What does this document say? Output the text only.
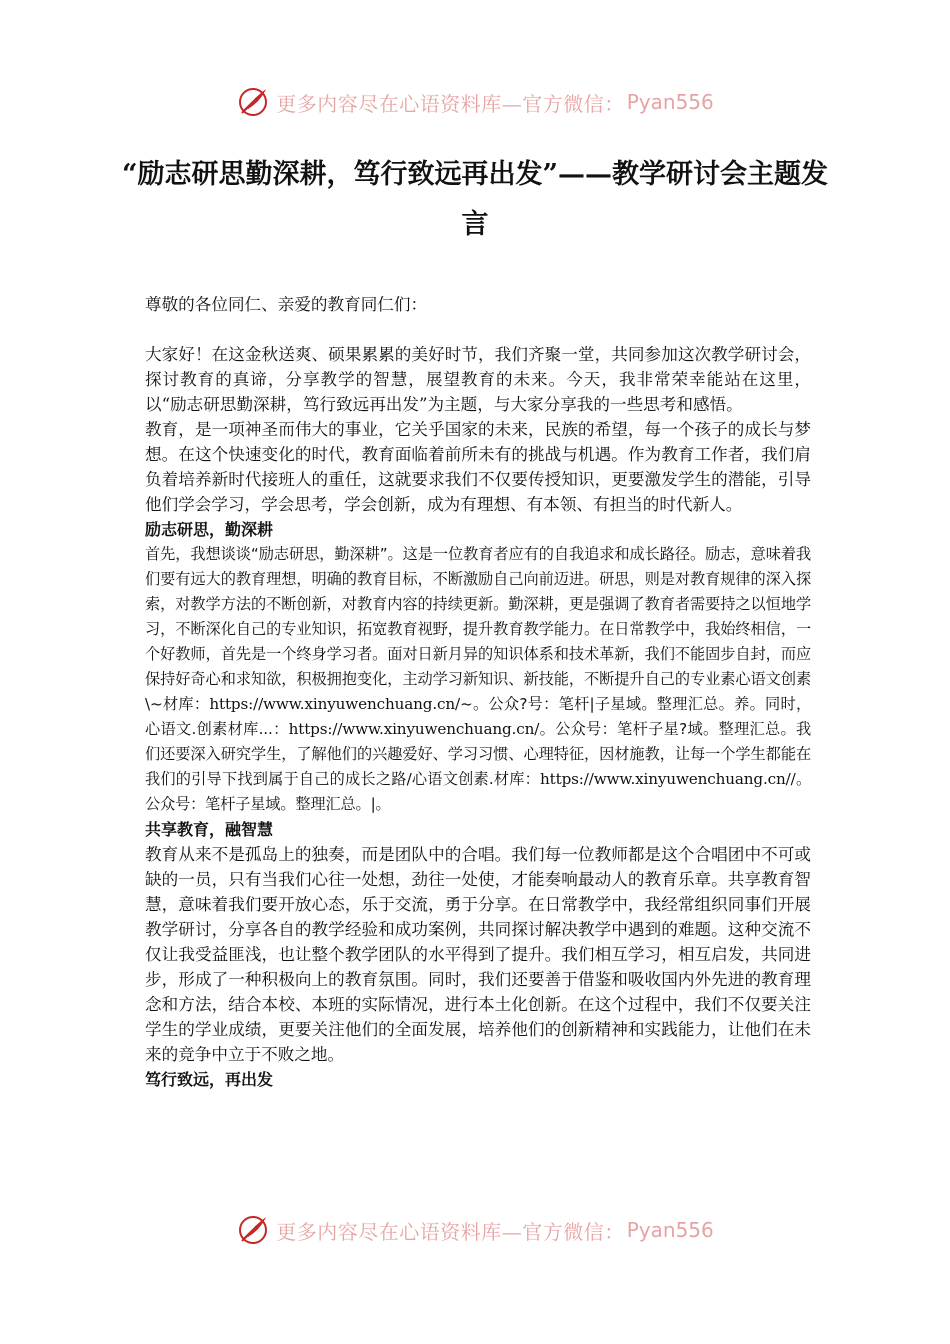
更多内容尽在心语资料库—官方微信： Pyan556
“励志研思勤深耕，笃行致远再出发”——教学研讨会主题发言

尊敬的各位同仁、亲爱的教育同仁们：

大家好！在这金秋送爽、硕果累累的美好时节，我们齐聚一堂，共同参加这次教学研讨会，探讨教育的真谛，分享教学的智慧，展望教育的未来。今天，我非常荣幸能站在这里，以“励志研思勤深耕，笃行致远再出发”为主题，与大家分享我的一些思考和感悟。

教育，是一项神圣而伟大的事业，它关乎国家的未来，民族的希望，每一个孩子的成长与梦想。在这个快速变化的时代，教育面临着前所未有的挑战与机遇。作为教育工作者，我们肩负着培养新时代接班人的重任，这就要求我们不仅要传授知识，更要激发学生的潜能，引导他们学会学习，学会思考，学会创新，成为有理想、有本领、有担当的时代新人。

励志研思，勤深耕

首先，我想谈谈“励志研思，勤深耕”。这是一位教育者应有的自我追求和成长路径。励志，意味着我们要有远大的教育理想，明确的教育目标，不断激励自己向前迈进。研思，则是对教育规律的深入探索，对教学方法的不断创新，对教育内容的持续更新。勤深耕，更是强调了教育者需要持之以恒地学习，不断深化自己的专业知识，拓宽教育视野，提升教育教学能力。在日常教学中，我始终相信，一个好教师，首先是一个终身学习者。面对日新月异的知识体系和技术革新，我们不能固步自封，而应保持好奇心和求知欲，积极拥抱变化，主动学习新知识、新技能，不断提升自己的专业素心语文创素\~材库：https://www.xinyuwenchuang.cn/~。公众?号：笔杆|子星域。整理汇总。养。同时，心语文.创素材库...：https://www.xinyuwenchuang.cn/。公众号：笔杆子星?域。整理汇总。我们还要深入研究学生，了解他们的兴趣爱好、学习习惯、心理特征，因材施教，让每一个学生都能在我们的引导下找到属于自己的成长之路/心语文创素.材库：https://www.xinyuwenchuang.cn//。公众号：笔杆子星域。整理汇总。|。

共享教育，融智慧

教育从来不是孤岛上的独奏，而是团队中的合唱。我们每一位教师都是这个合唱团中不可或缺的一员，只有当我们心往一处想，劲往一处使，才能奏响最动人的教育乐章。共享教育智慧，意味着我们要开放心态，乐于交流，勇于分享。在日常教学中，我经常组织同事们开展教学研讨，分享各自的教学经验和成功案例，共同探讨解决教学中遇到的难题。这种交流不仅让我受益匪浅，也让整个教学团队的水平得到了提升。我们相互学习，相互启发，共同进步，形成了一种积极向上的教育氛围。同时，我们还要善于借鉴和吸收国内外先进的教育理念和方法，结合本校、本班的实际情况，进行本土化创新。在这个过程中，我们不仅要关注学生的学业成绩，更要关注他们的全面发展，培养他们的创新精神和实践能力，让他们在未来的竞争中立于不败之地。

笃行致远，再出发

更多内容尽在心语资料库—官方微信： Pyan556
